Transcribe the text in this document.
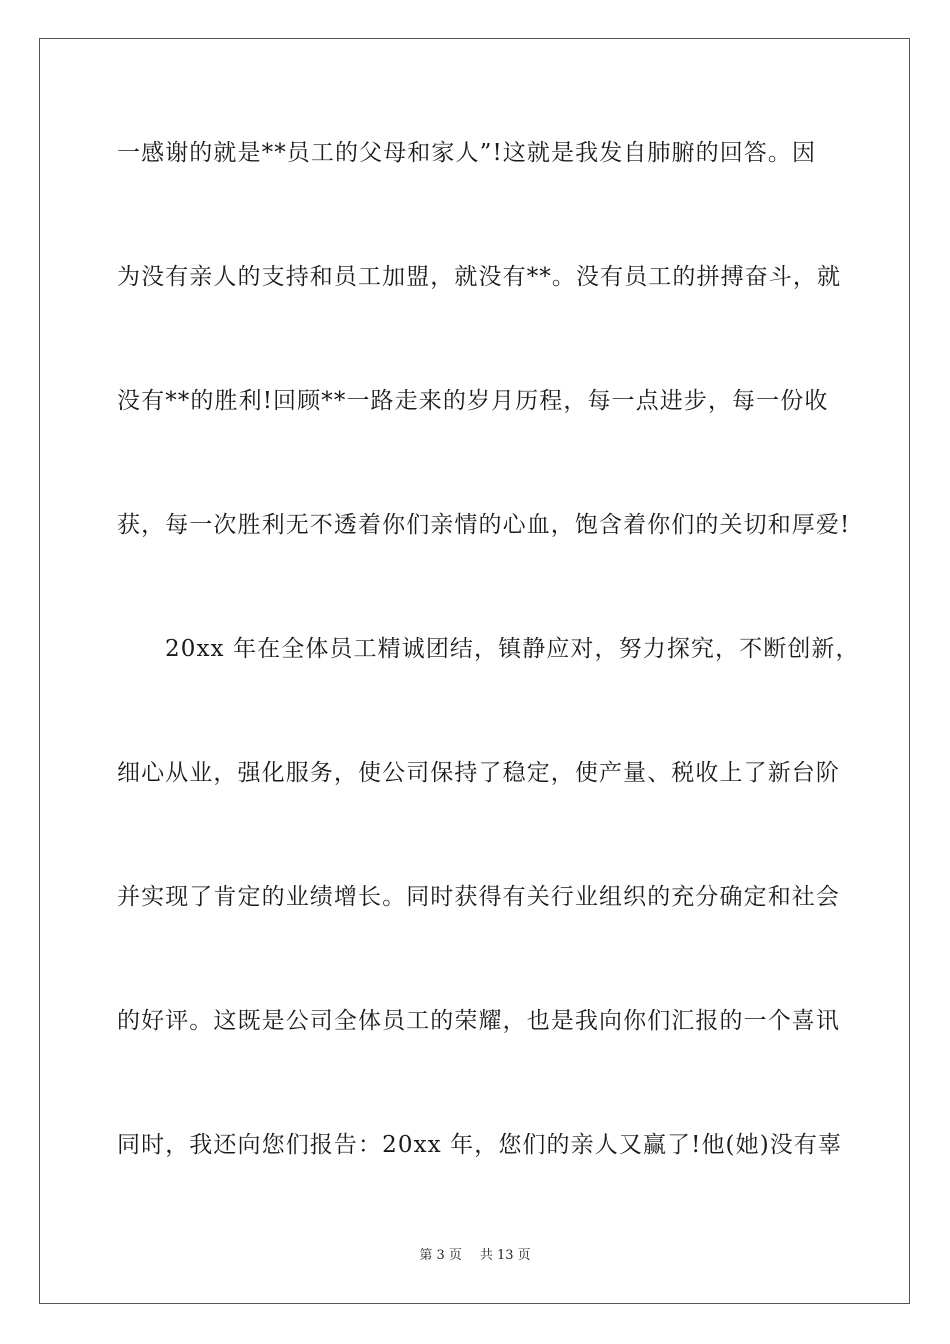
一感谢的就是**员工的父母和家人”!这就是我发自肺腑的回答。因
为没有亲人的支持和员工加盟，就没有**。没有员工的拼搏奋斗，就
没有**的胜利!回顾**一路走来的岁月历程，每一点进步，每一份收
获，每一次胜利无不透着你们亲情的心血，饱含着你们的关切和厚爱!
20xx 年在全体员工精诚团结，镇静应对，努力探究，不断创新，
细心从业，强化服务，使公司保持了稳定，使产量、税收上了新台阶
并实现了肯定的业绩增长。同时获得有关行业组织的充分确定和社会
的好评。这既是公司全体员工的荣耀，也是我向你们汇报的一个喜讯
同时，我还向您们报告：20xx 年，您们的亲人又赢了!他(她)没有辜
第 3 页 共 13 页
